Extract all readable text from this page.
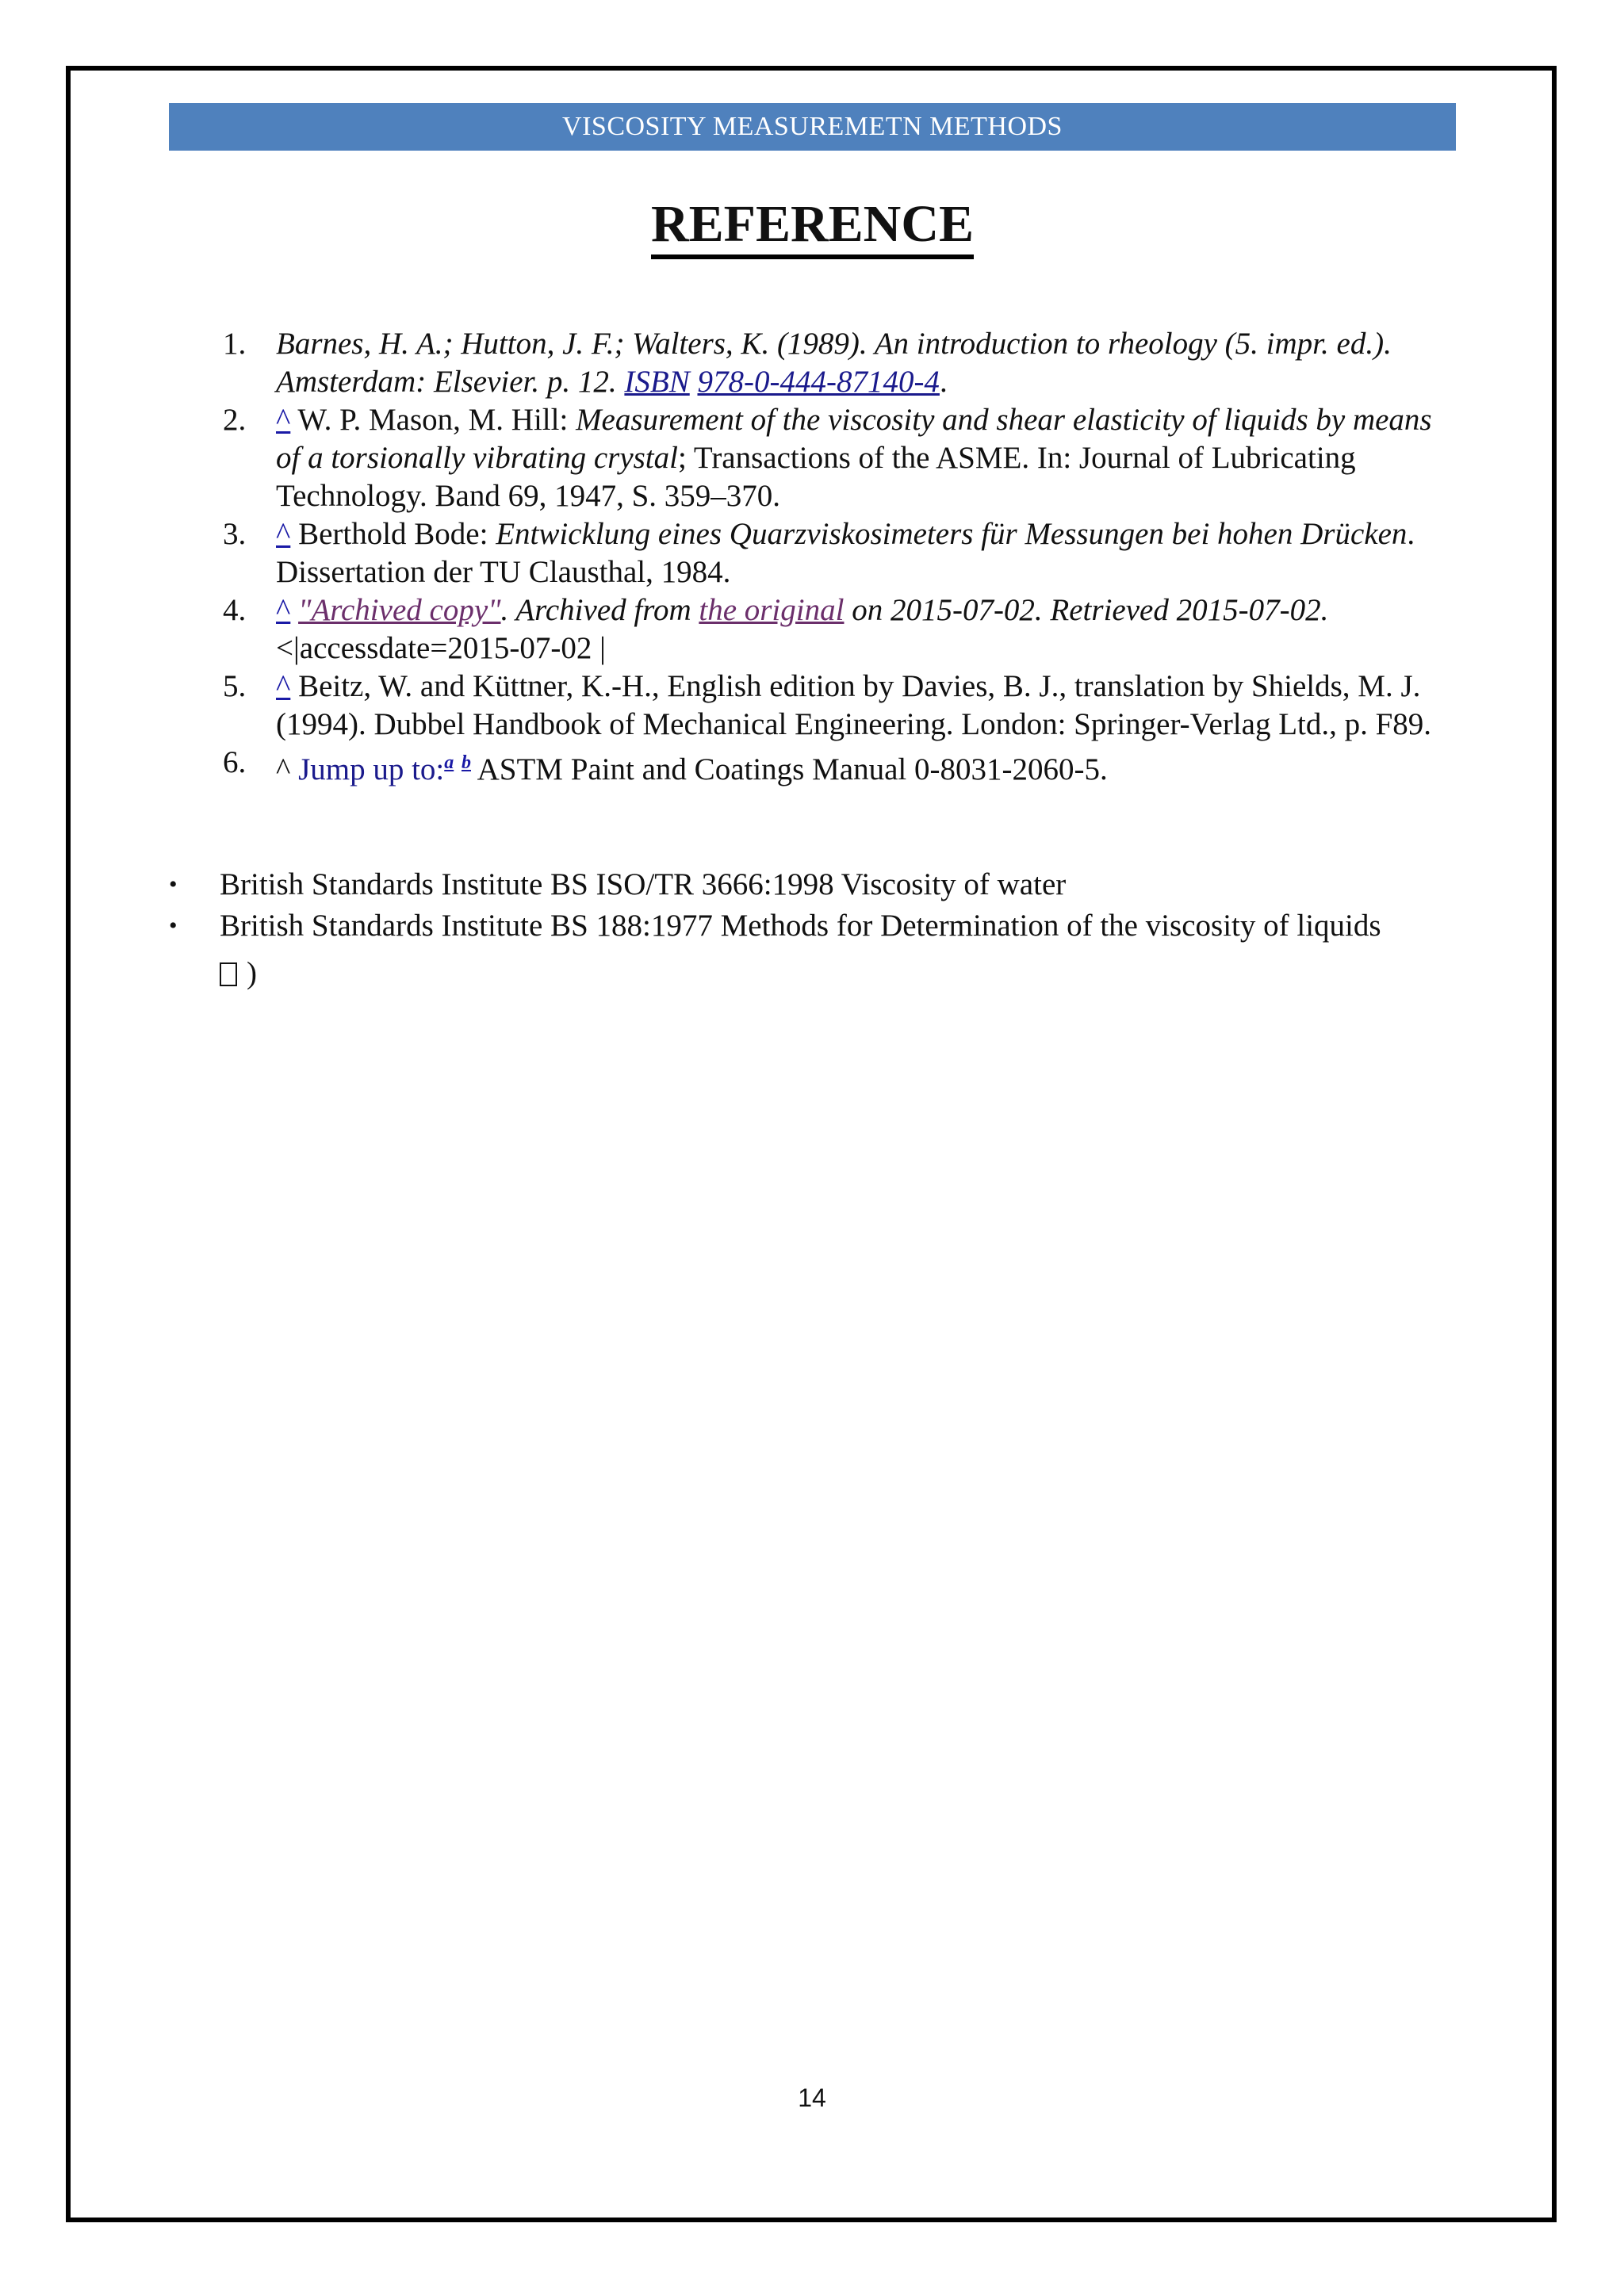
VISCOSITY MEASUREMETN METHODS
REFERENCE
1. Barnes, H. A.; Hutton, J. F.; Walters, K. (1989). An introduction to rheology (5. impr. ed.). Amsterdam: Elsevier. p. 12. ISBN 978-0-444-87140-4.
2. ^ W. P. Mason, M. Hill: Measurement of the viscosity and shear elasticity of liquids by means of a torsionally vibrating crystal; Transactions of the ASME. In: Journal of Lubricating Technology. Band 69, 1947, S. 359–370.
3. ^ Berthold Bode: Entwicklung eines Quarzviskosimeters für Messungen bei hohen Drücken. Dissertation der TU Clausthal, 1984.
4. ^ "Archived copy". Archived from the original on 2015-07-02. Retrieved 2015-07-02.<|accessdate=2015-07-02 |
5. ^ Beitz, W. and Küttner, K.-H., English edition by Davies, B. J., translation by Shields, M. J. (1994). Dubbel Handbook of Mechanical Engineering. London: Springer-Verlag Ltd., p. F89.
6. ^ Jump up to:$^a$ $^b$ ASTM Paint and Coatings Manual 0-8031-2060-5.
• British Standards Institute BS ISO/TR 3666:1998 Viscosity of water
• British Standards Institute BS 188:1977 Methods for Determination of the viscosity of liquids
)
14
